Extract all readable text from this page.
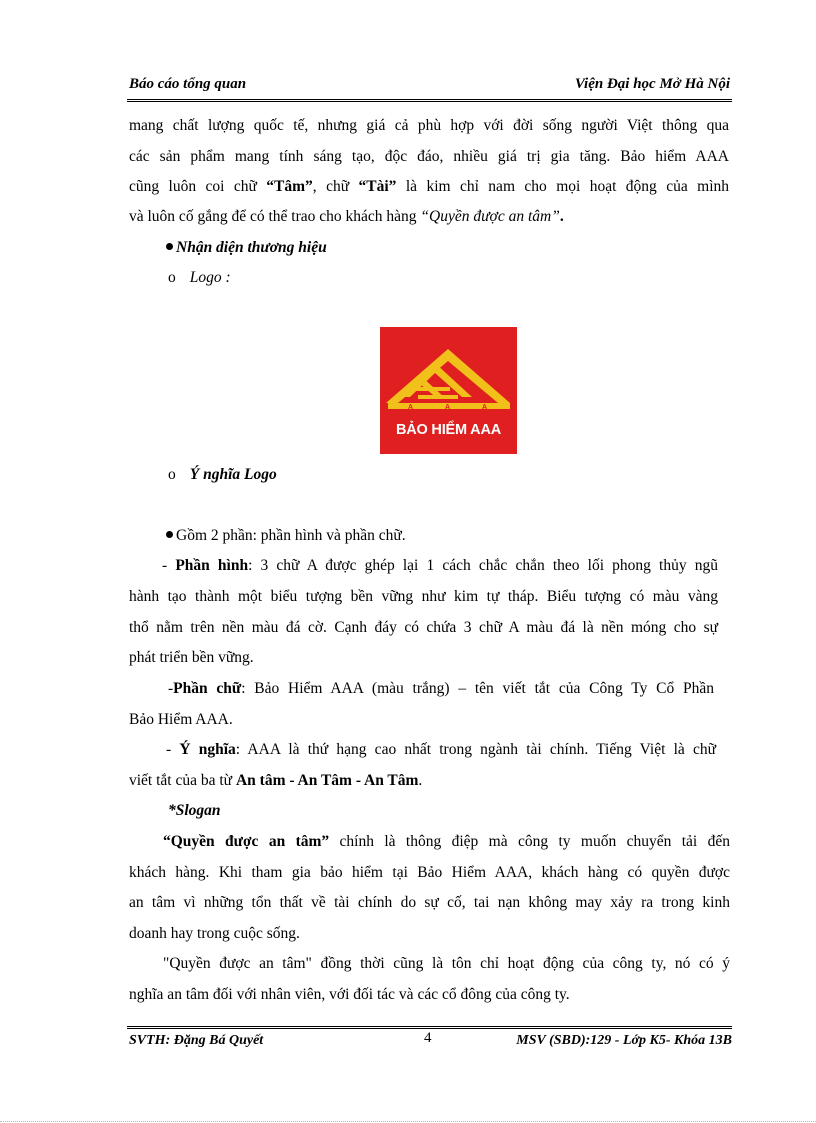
Báo cáo tổng quan	Viện Đại học Mở Hà Nội
mang chất lượng quốc tế, nhưng giá cả phù hợp với đời sống người Việt thông qua
các sản phẩm mang tính sáng tạo, độc đáo, nhiều giá trị gia tăng. Bảo hiểm AAA
cũng luôn coi chữ “Tâm”, chữ “Tài” là kim chỉ nam cho mọi hoạt động của mình
và luôn cố gắng để có thể trao cho khách hàng “Quyền được an tâm”.
Nhận diện thương hiệu
o Logo :
A	A	A
BẢO HIỂM AAA
o Ý nghĩa Logo
Gồm 2 phần: phần hình và phần chữ.
- Phần hình: 3 chữ A được ghép lại 1 cách chắc chắn theo lối phong thủy ngũ
hành tạo thành một biểu tượng bền vững như kim tự tháp. Biểu tượng có màu vàng
thổ nằm trên nền màu đá cờ. Cạnh đáy có chứa 3 chữ A màu đá là nền móng cho sự
phát triển bền vững.
-Phần chữ: Bảo Hiểm AAA (màu trắng) – tên viết tắt của Công Ty Cổ Phần
Bảo Hiểm AAA.
- Ý nghĩa: AAA là thứ hạng cao nhất trong ngành tài chính. Tiếng Việt là chữ
viết tắt của ba từ An tâm - An Tâm - An Tâm.
*Slogan
“Quyền được an tâm” chính là thông điệp mà công ty muốn chuyển tải đến
khách hàng. Khi tham gia bảo hiểm tại Bảo Hiểm AAA, khách hàng có quyền được
an tâm vì những tổn thất về tài chính do sự cố, tai nạn không may xảy ra trong kinh
doanh hay trong cuộc sống.
"Quyền được an tâm" đồng thời cũng là tôn chỉ hoạt động của công ty, nó có ý
nghĩa an tâm đối với nhân viên, với đối tác và các cổ đông của công ty.
SVTH: Đặng Bá Quyết	4	MSV (SBD):129 - Lớp K5- Khóa 13B
